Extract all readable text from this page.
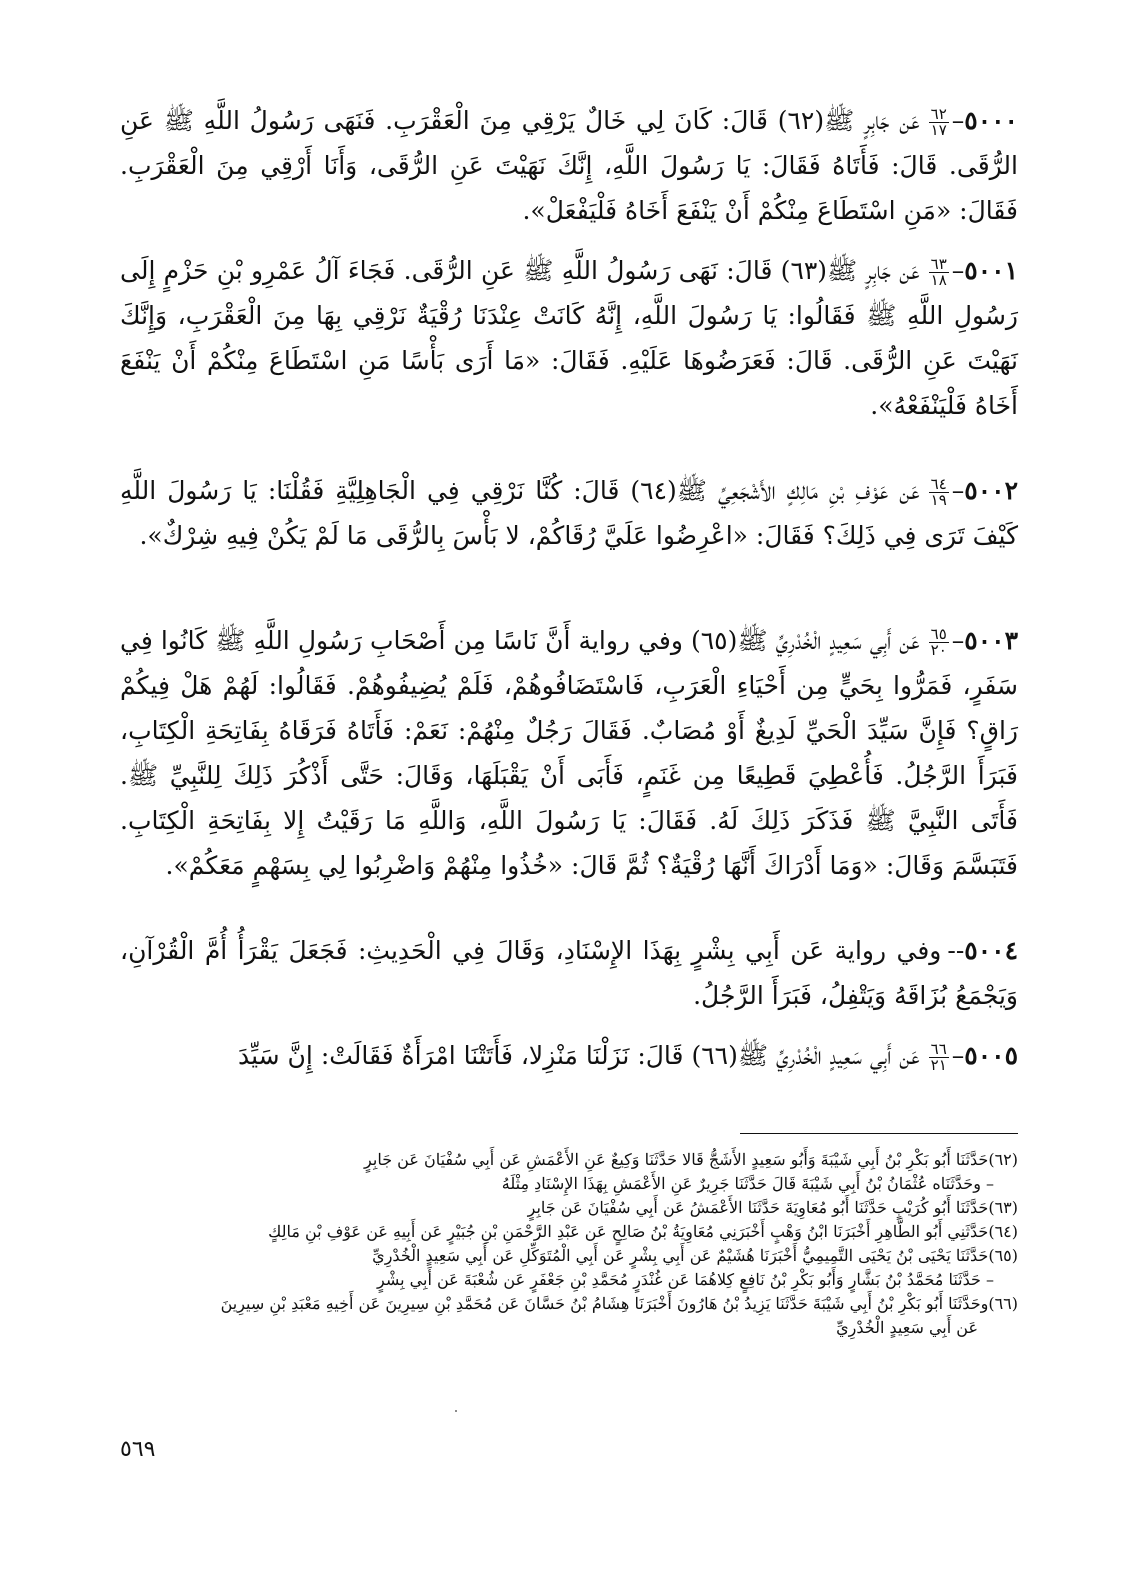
٥٠٠٠–
$\frac{٦٢}{١٧}$
عَن جَابِرٍ ﷺ(٦٢) قَالَ: كَانَ لِي خَالٌ يَرْقِي مِنَ الْعَقْرَبِ. فَنَهَى رَسُولُ اللَّهِ ﷺ عَنِ الرُّقَى. قَالَ: فَأَتَاهُ فَقَالَ: يَا رَسُولَ اللَّهِ، إِنَّكَ نَهَيْتَ عَنِ الرُّقَى، وَأَنَا أَرْقِي مِنَ الْعَقْرَبِ. فَقَالَ: «مَنِ اسْتَطَاعَ مِنْكُمْ أَنْ يَنْفَعَ أَخَاهُ فَلْيَفْعَلْ».
٥٠٠١–
$\frac{٦٣}{١٨}$
عَن جَابِرٍ ﷺ(٦٣) قَالَ: نَهَى رَسُولُ اللَّهِ ﷺ عَنِ الرُّقَى. فَجَاءَ آلُ عَمْرِو بْنِ حَزْمٍ إِلَى رَسُولِ اللَّهِ ﷺ فَقَالُوا: يَا رَسُولَ اللَّهِ، إِنَّهُ كَانَتْ عِنْدَنَا رُقْيَةٌ نَرْقِي بِهَا مِنَ الْعَقْرَبِ، وَإِنَّكَ نَهَيْتَ عَنِ الرُّقَى. قَالَ: فَعَرَضُوهَا عَلَيْهِ. فَقَالَ: «مَا أَرَى بَأْسًا مَنِ اسْتَطَاعَ مِنْكُمْ أَنْ يَنْفَعَ أَخَاهُ فَلْيَنْفَعْهُ».
٥٠٠٢–
$\frac{٦٤}{١٩}$
عَن عَوْفِ بْنِ مَالِكٍ الأَشْجَعِيِّ ﷺ(٦٤) قَالَ: كُنَّا نَرْقِي فِي الْجَاهِلِيَّةِ فَقُلْنَا: يَا رَسُولَ اللَّهِ كَيْفَ تَرَى فِي ذَلِكَ؟ فَقَالَ: «اعْرِضُوا عَلَيَّ رُقَاكُمْ، لا بَأْسَ بِالرُّقَى مَا لَمْ يَكُنْ فِيهِ شِرْكٌ».
٥٠٠٣–
$\frac{٦٥}{٢٠}$
عَن أَبِي سَعِيدٍ الْخُدْرِيِّ ﷺ(٦٥) وفي رواية أَنَّ نَاسًا مِن أَصْحَابِ رَسُولِ اللَّهِ ﷺ كَانُوا فِي سَفَرٍ، فَمَرُّوا بِحَيٍّ مِن أَحْيَاءِ الْعَرَبِ، فَاسْتَضَافُوهُمْ، فَلَمْ يُضِيفُوهُمْ. فَقَالُوا: لَهُمْ هَلْ فِيكُمْ رَاقٍ؟ فَإِنَّ سَيِّدَ الْحَيِّ لَدِيغٌ أَوْ مُصَابٌ. فَقَالَ رَجُلٌ مِنْهُمْ: نَعَمْ: فَأَتَاهُ فَرَقَاهُ بِفَاتِحَةِ الْكِتَابِ، فَبَرَأَ الرَّجُلُ. فَأُعْطِيَ قَطِيعًا مِن غَنَمٍ، فَأَبَى أَنْ يَقْبَلَهَا، وَقَالَ: حَتَّى أَذْكُرَ ذَلِكَ لِلنَّبِيِّ ﷺ. فَأَتَى النَّبِيَّ ﷺ فَذَكَرَ ذَلِكَ لَهُ. فَقَالَ: يَا رَسُولَ اللَّهِ، وَاللَّهِ مَا رَقَيْتُ إِلا بِفَاتِحَةِ الْكِتَابِ. فَتَبَسَّمَ وَقَالَ: «وَمَا أَدْرَاكَ أَنَّهَا رُقْيَةٌ؟ ثُمَّ قَالَ: «خُذُوا مِنْهُمْ وَاضْرِبُوا لِي بِسَهْمٍ مَعَكُمْ».
٥٠٠٤--وفي رواية عَن أَبِي بِشْرٍ بِهَذَا الإِسْنَادِ، وَقَالَ فِي الْحَدِيثِ: فَجَعَلَ يَقْرَأُ أُمَّ الْقُرْآنِ، وَيَجْمَعُ بُزَاقَهُ وَيَتْفِلُ، فَبَرَأَ الرَّجُلُ.
٥٠٠٥–
$\frac{٦٦}{٢١}$
عَن أَبِي سَعِيدٍ الْخُدْرِيِّ ﷺ(٦٦) قَالَ: نَزَلْنَا مَنْزِلا، فَأَتَتْنَا امْرَأَةٌ فَقَالَتْ: إِنَّ سَيِّدَ

(٦٢)حَدَّثَنَا أَبُو بَكْرِ بْنُ أَبِي شَيْبَةَ وَأَبُو سَعِيدٍ الأَشَجُّ قَالا حَدَّثَنَا وَكِيعٌ عَنِ الأَعْمَشِ عَن أَبِي سُفْيَانَ عَن جَابِرٍ

– وحَدَّثَنَاه عُثْمَانُ بْنُ أَبِي شَيْبَةَ قَالَ حَدَّثَنَا جَرِيرٌ عَنِ الأَعْمَشِ بِهَذَا الإِسْنَادِ مِثْلَهُ

(٦٣)حَدَّثَنَا أَبُو كُرَيْبٍ حَدَّثَنَا أَبُو مُعَاوِيَةَ حَدَّثَنَا الأَعْمَشُ عَن أَبِي سُفْيَانَ عَن جَابِرٍ

(٦٤)حَدَّثَنِي أَبُو الطَّاهِرِ أَخْبَرَنَا ابْنُ وَهْبٍ أَخْبَرَنِي مُعَاوِيَةُ بْنُ صَالِحٍ عَن عَبْدِ الرَّحْمَنِ بْنِ جُبَيْرٍ عَن أَبِيهِ عَن عَوْفِ بْنِ مَالِكٍ

(٦٥)حَدَّثَنَا يَحْيَى بْنُ يَحْيَى التَّمِيمِيُّ أَخْبَرَنَا هُشَيْمٌ عَن أَبِي بِشْرٍ عَن أَبِي الْمُتَوَكِّلِ عَن أَبِي سَعِيدٍ الْخُدْرِيِّ

– حَدَّثَنَا مُحَمَّدُ بْنُ بَشَّارٍ وَأَبُو بَكْرِ بْنُ نَافِعٍ كِلاهُمَا عَن غُنْدَرٍ مُحَمَّدِ بْنِ جَعْفَرٍ عَن شُعْبَةَ عَن أَبِي بِشْرٍ

(٦٦)وحَدَّثَنَا أَبُو بَكْرِ بْنُ أَبِي شَيْبَةَ حَدَّثَنَا يَزِيدُ بْنُ هَارُونَ أَخْبَرَنَا هِشَامُ بْنُ حَسَّانَ عَن مُحَمَّدِ بْنِ سِيرِينَ عَن أَخِيهِ مَعْبَدِ بْنِ سِيرِينَ

عَن أَبِي سَعِيدٍ الْخُدْرِيِّ

٥٦٩
